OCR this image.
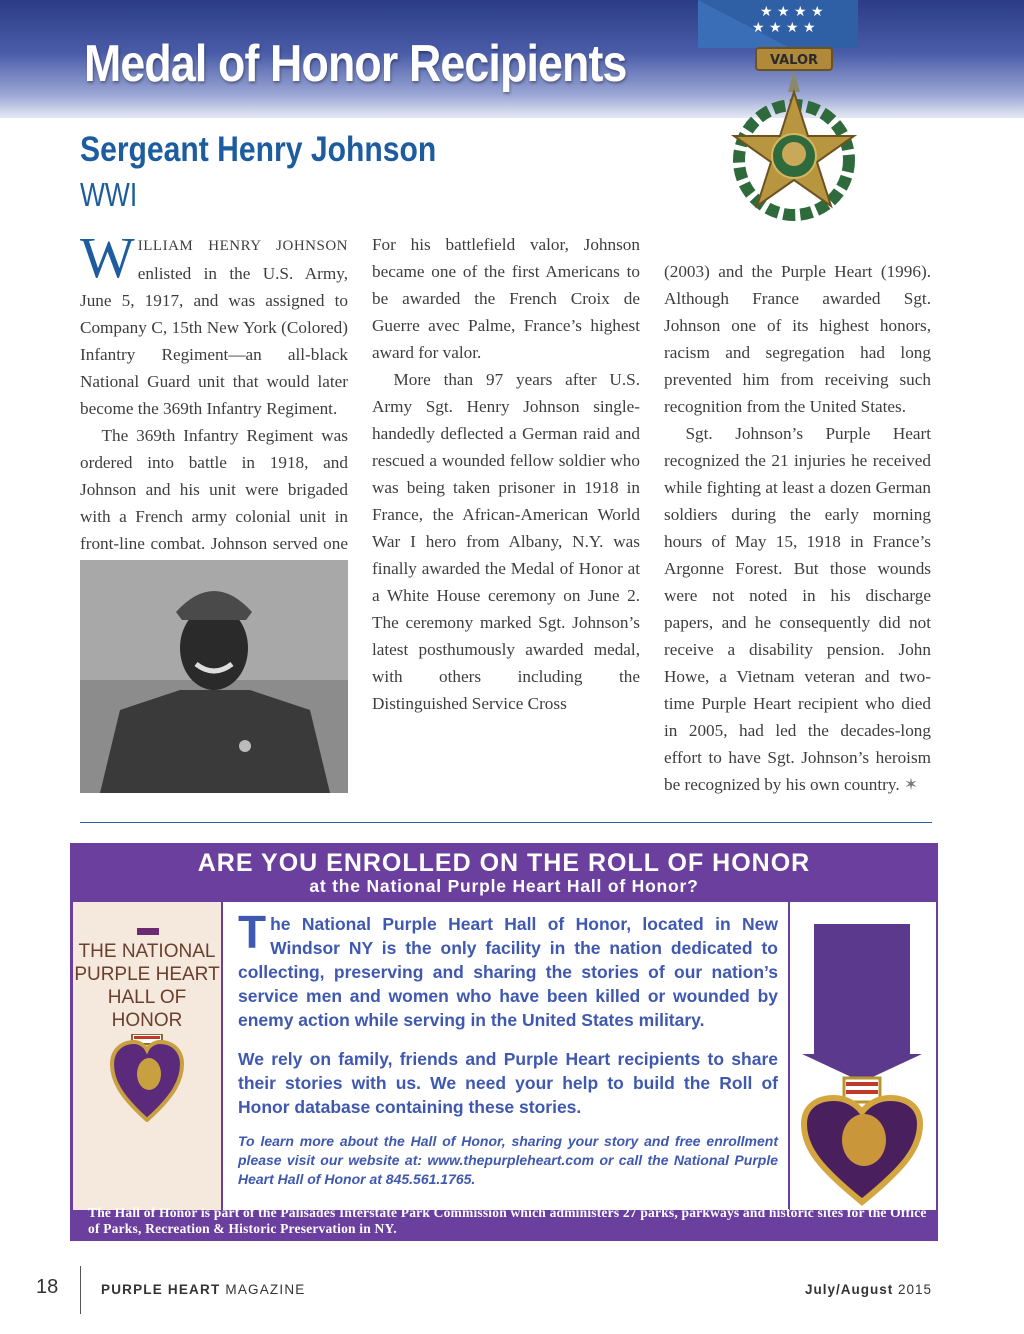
Medal of Honor Recipients
★ ★ ★ ★
★ ★ ★ ★
VALOR
Sergeant Henry Johnson
WWI

WILLIAM HENRY JOHNSON enlisted in the U.S. Army, June 5, 1917, and was assigned to Company C, 15th New York (Colored) Infantry Regiment—an all-black National Guard unit that would later become the 369th Infantry Regiment.

The 369th Infantry Regiment was ordered into battle in 1918, and Johnson and his unit were brigaded with a French army colonial unit in front-line combat. Johnson served one

For his battlefield valor, Johnson became one of the first Americans to be awarded the French Croix de Guerre avec Palme, France’s highest award for valor.

More than 97 years after U.S. Army Sgt. Henry Johnson single-handedly deflected a German raid and rescued a wounded fellow soldier who was being taken prisoner in 1918 in France, the African-American World War I hero from Albany, N.Y. was finally awarded the Medal of Honor at a White House ceremony on June 2. The ceremony marked Sgt. Johnson’s latest posthumously awarded medal, with others including the Distinguished Service Cross

(2003) and the Purple Heart (1996). Although France awarded Sgt. Johnson one of its highest honors, racism and segregation had long prevented him from receiving such recognition from the United States.

Sgt. Johnson’s Purple Heart recognized the 21 injuries he received while fighting at least a dozen German soldiers during the early morning hours of May 15, 1918 in France’s Argonne Forest. But those wounds were not noted in his discharge papers, and he consequently did not receive a disability pension. John Howe, a Vietnam veteran and two-time Purple Heart recipient who died in 2005, had led the decades-long effort to have Sgt. Johnson’s heroism be recognized by his own country. ✶

ARE YOU ENROLLED ON THE ROLL OF HONOR
at the National Purple Heart Hall of Honor?
THE NATIONAL
PURPLE HEART
HALL OF
HONOR
The National Purple Heart Hall of Honor, located in New Windsor NY is the only facility in the nation dedicated to collecting, preserving and sharing the stories of our nation’s service men and women who have been killed or wounded by enemy action while serving in the United States military.
We rely on family, friends and Purple Heart recipients to share their stories with us. We need your help to build the Roll of Honor database containing these stories.
To learn more about the Hall of Honor, sharing your story and free enrollment please visit our website at: www.thepurpleheart.com or call the National Purple Heart Hall of Honor at 845.561.1765.
The Hall of Honor is part of the Palisades Interstate Park Commission which administers 27 parks, parkways and historic sites for the Office of Parks, Recreation & Historic Preservation in NY.
18	PURPLE HEART MAGAZINE	July/August 2015
